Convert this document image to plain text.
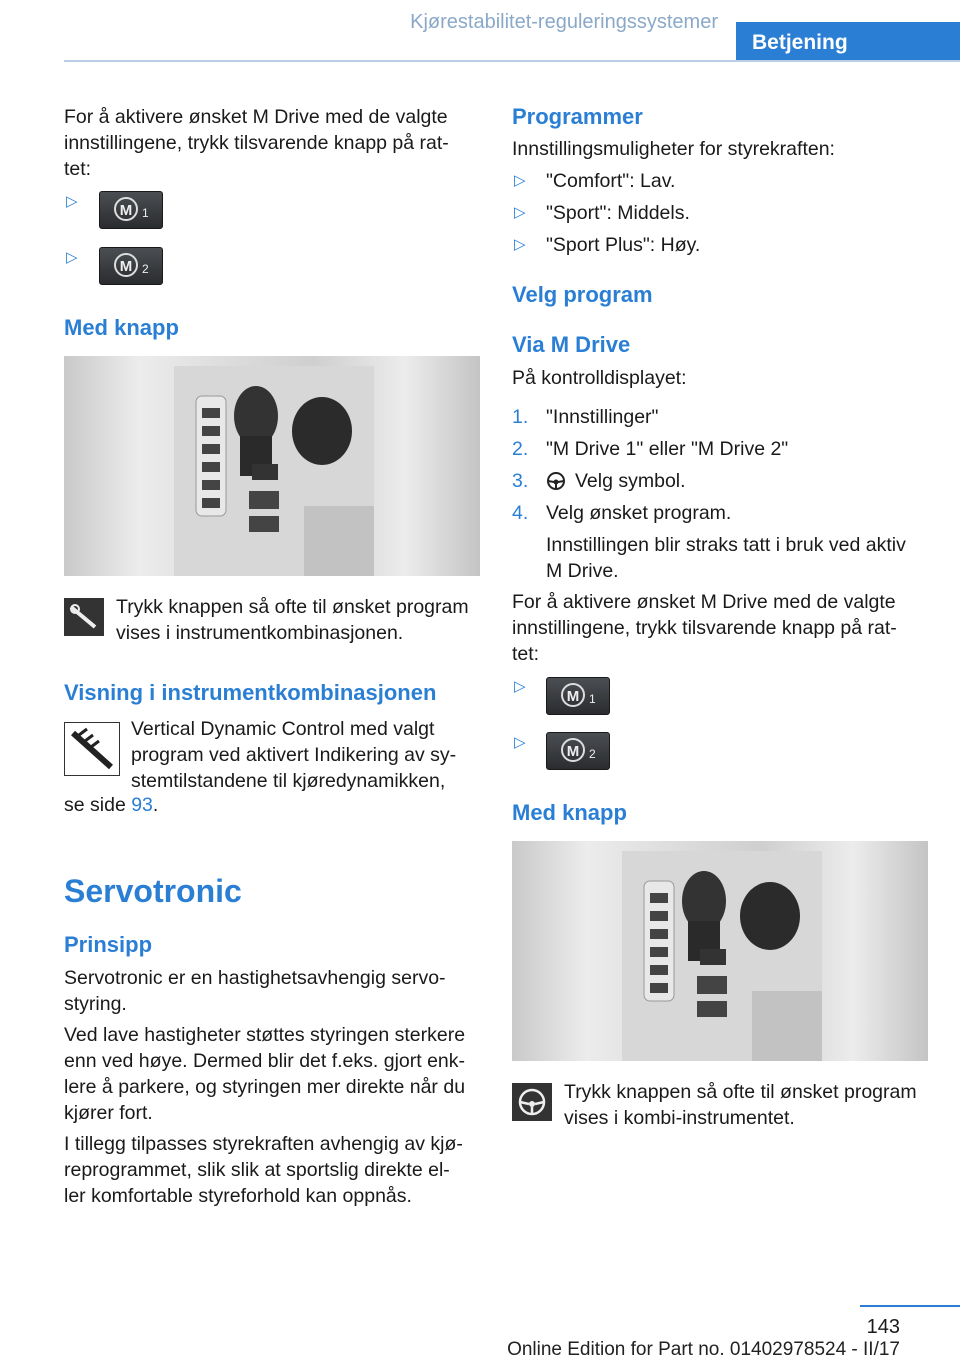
Kjørestabilitet-reguleringssystemer
Betjening
For å aktivere ønsket M Drive med de valgte
innstillingene, trykk tilsvarende knapp på rat-
tet:
▷
M 1
▷
M 2
Med knapp
Trykk knappen så ofte til ønsket program
vises i instrumentkombinasjonen.
Visning i instrumentkombinasjonen
Vertical Dynamic Control med valgt
program ved aktivert Indikering av sy-
stemtilstandene til kjøredynamikken,
se side 93.
Servotronic
Prinsipp
Servotronic er en hastighetsavhengig servo-
styring.
Ved lave hastigheter støttes styringen sterkere
enn ved høye. Dermed blir det f.eks. gjort enk-
lere å parkere, og styringen mer direkte når du
kjører fort.
I tillegg tilpasses styrekraften avhengig av kjø-
reprogrammet, slik slik at sportslig direkte el-
ler komfortable styreforhold kan oppnås.
Programmer
Innstillingsmuligheter for styrekraften:
▷ "Comfort": Lav.
▷ "Sport": Middels.
▷ "Sport Plus": Høy.
Velg program
Via M Drive
På kontrolldisplayet:
1. "Innstillinger"
2. "M Drive 1" eller "M Drive 2"
3. Velg symbol.
4. Velg ønsket program.
Innstillingen blir straks tatt i bruk ved aktiv
M Drive.
For å aktivere ønsket M Drive med de valgte
innstillingene, trykk tilsvarende knapp på rat-
tet:
▷
M 1
▷
M 2
Med knapp
Trykk knappen så ofte til ønsket program
vises i kombi-instrumentet.
143
Online Edition for Part no. 01402978524 - II/17
